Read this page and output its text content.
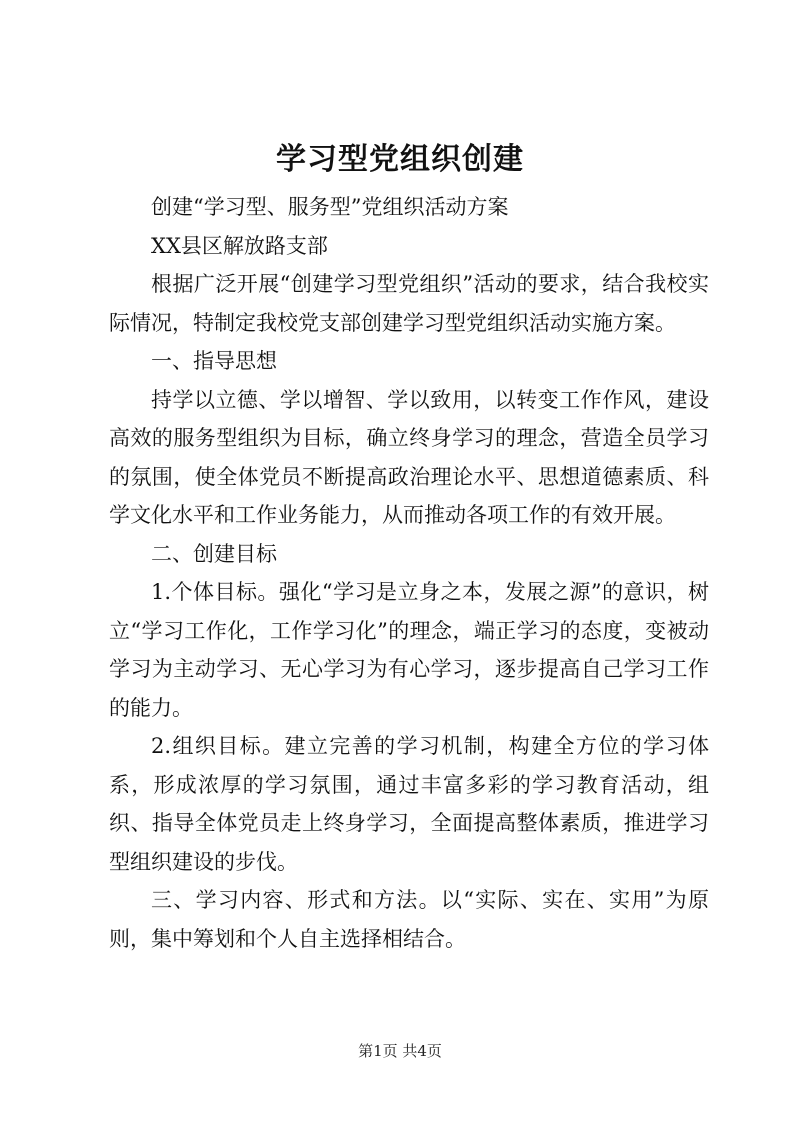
学习型党组织创建

创建“学习型、服务型”党组织活动方案

XX县区解放路支部

根据广泛开展“创建学习型党组织”活动的要求，结合我校实际情况，特制定我校党支部创建学习型党组织活动实施方案。

一、指导思想

持学以立德、学以增智、学以致用，以转变工作作风，建设高效的服务型组织为目标，确立终身学习的理念，营造全员学习的氛围，使全体党员不断提高政治理论水平、思想道德素质、科学文化水平和工作业务能力，从而推动各项工作的有效开展。

二、创建目标

1.个体目标。强化“学习是立身之本，发展之源”的意识，树立“学习工作化，工作学习化”的理念，端正学习的态度，变被动学习为主动学习、无心学习为有心学习，逐步提高自己学习工作的能力。

2.组织目标。建立完善的学习机制，构建全方位的学习体系，形成浓厚的学习氛围，通过丰富多彩的学习教育活动，组织、指导全体党员走上终身学习，全面提高整体素质，推进学习型组织建设的步伐。

三、学习内容、形式和方法。以“实际、实在、实用”为原则，集中筹划和个人自主选择相结合。

第1页 共4页
